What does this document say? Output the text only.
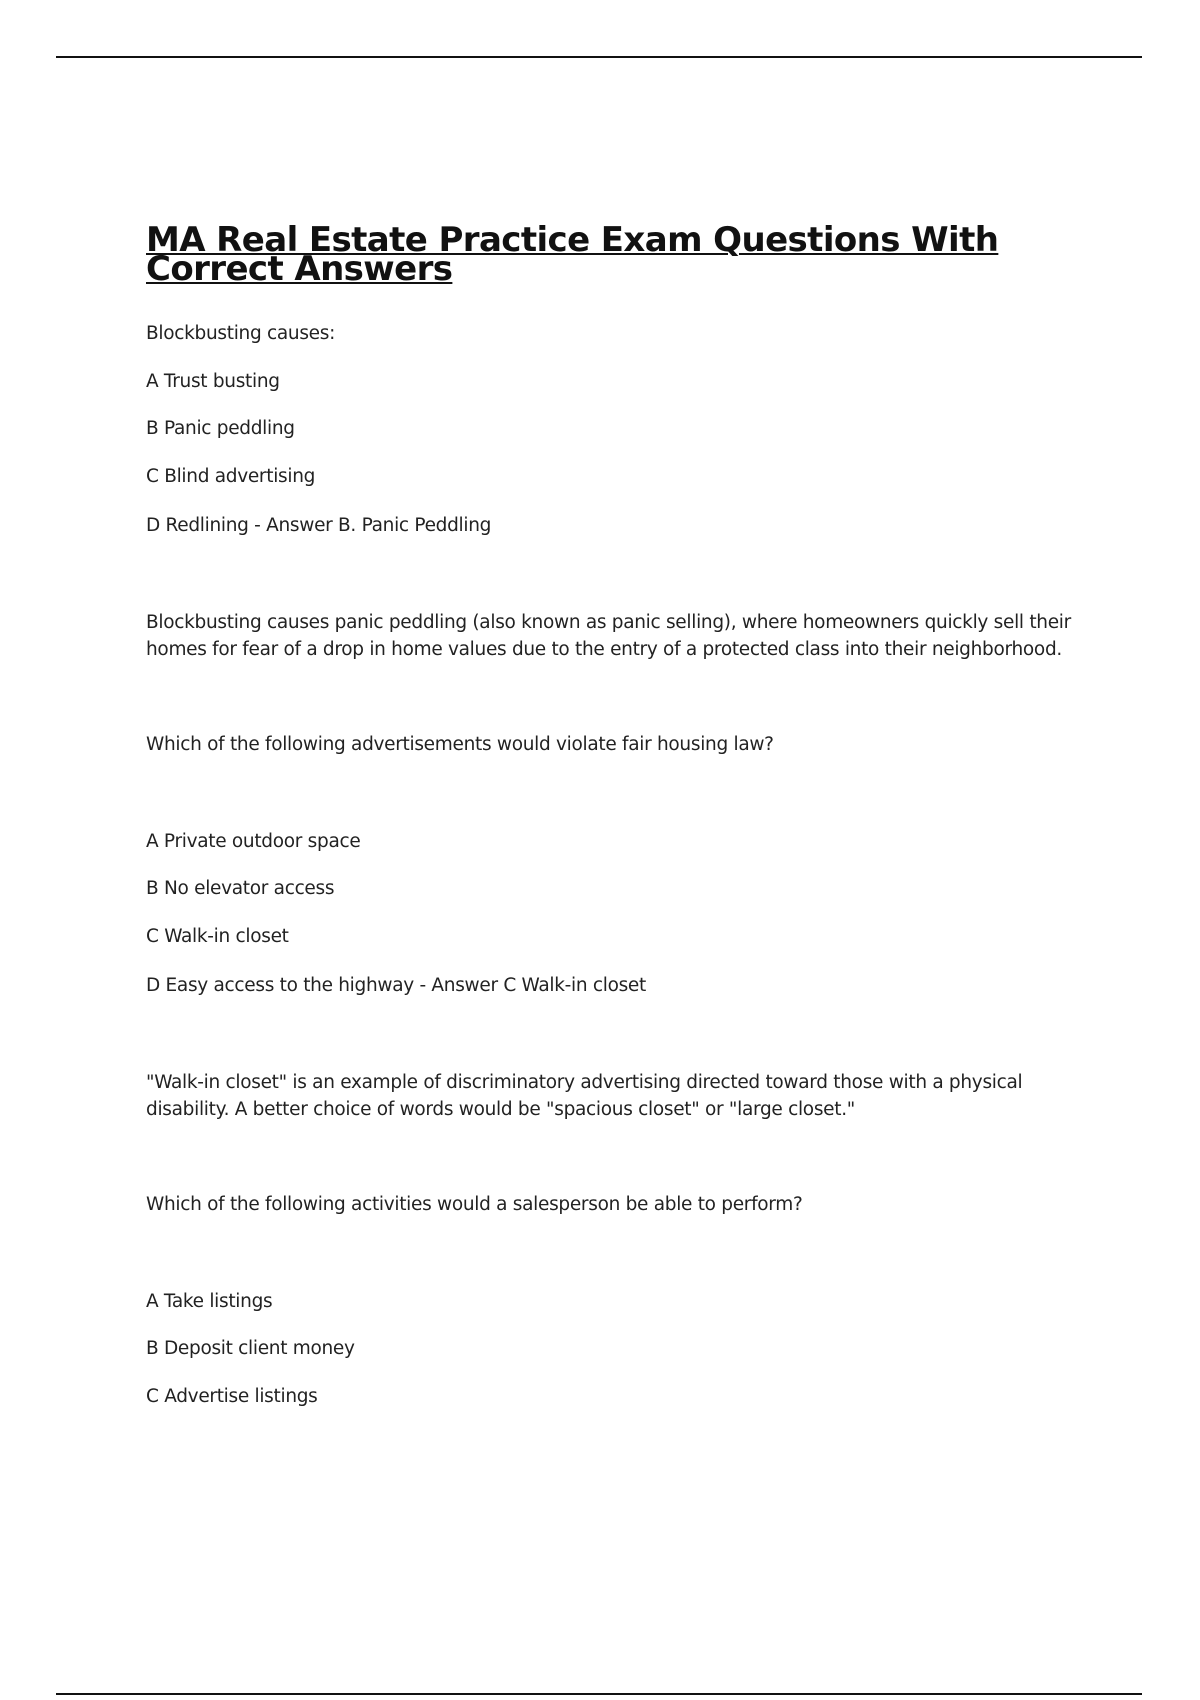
MA Real Estate Practice Exam Questions With Correct Answers
Blockbusting causes:
A Trust busting
B Panic peddling
C Blind advertising
D Redlining - Answer B. Panic Peddling
Blockbusting causes panic peddling (also known as panic selling), where homeowners quickly sell their homes for fear of a drop in home values due to the entry of a protected class into their neighborhood.
Which of the following advertisements would violate fair housing law?
A Private outdoor space
B No elevator access
C Walk-in closet
D Easy access to the highway - Answer C Walk-in closet
"Walk-in closet" is an example of discriminatory advertising directed toward those with a physical disability. A better choice of words would be "spacious closet" or "large closet."
Which of the following activities would a salesperson be able to perform?
A Take listings
B Deposit client money
C Advertise listings
